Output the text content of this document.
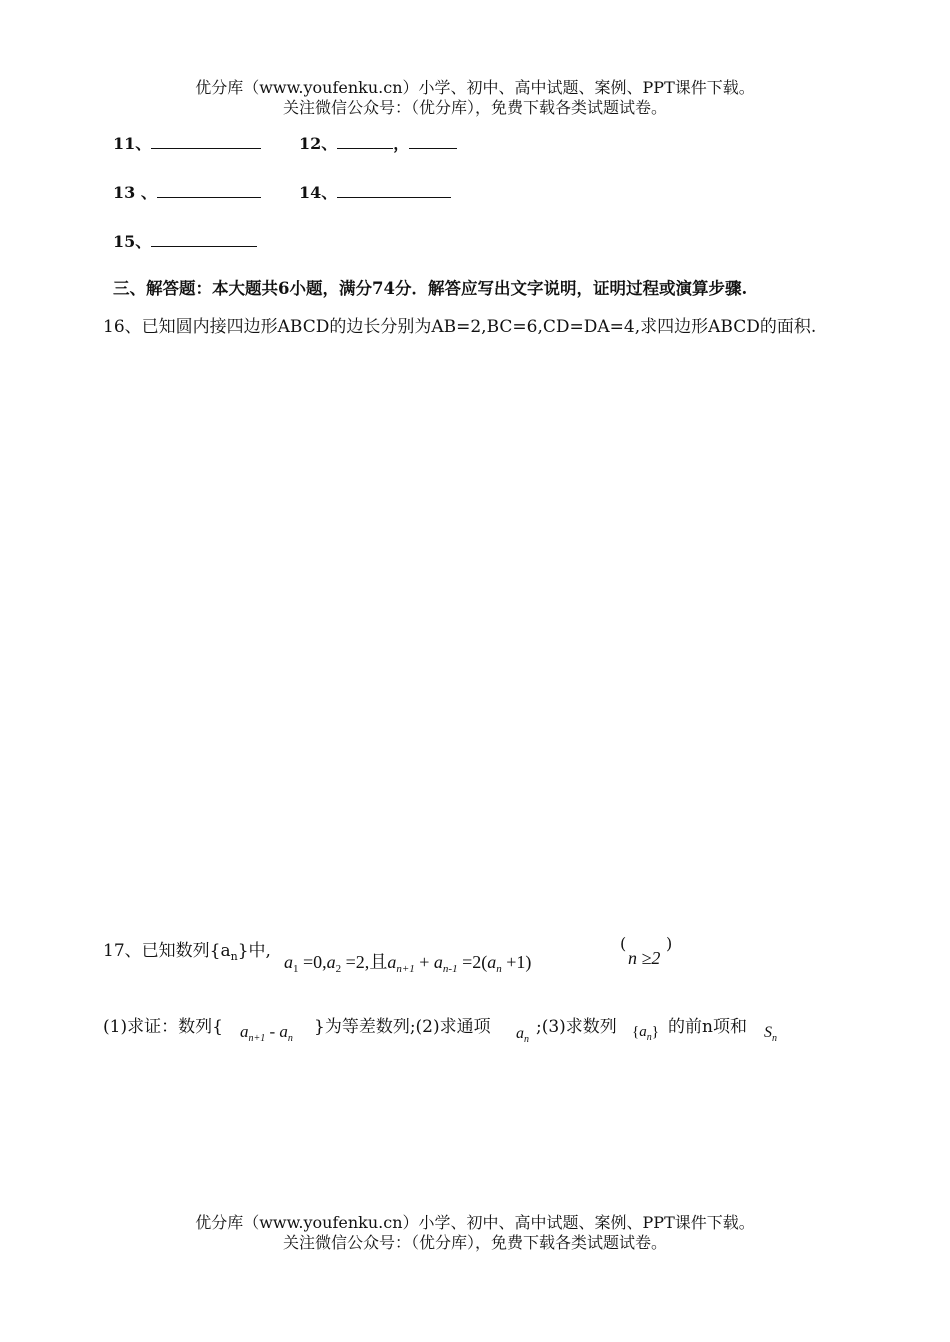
优分库（www.youfenku.cn）小学、初中、高中试题、案例、PPT课件下载。
关注微信公众号：（优分库），免费下载各类试题试卷。
11、	12、	，
13 、	14、
15、
三、解答题：本大题共6小题，满分74分．解答应写出文字说明，证明过程或演算步骤.
16、已知圆内接四边形ABCD的边长分别为AB=2,BC=6,CD=DA=4,求四边形ABCD的面积.
17、已知数列$\{a_n\}$中,
$a_1 =0,a_2 =2$,且$a_{n+1} + a_{n-1} =2(a_n +1)$
(
n ≥2
)
(1)求证：数列{ $a_{n+1} - a_n$
}为等差数列;(2)求通项 $a_n$
;(3)求数列 $\{a_n\}$ 的前n项和 $S_n$
优分库（www.youfenku.cn）小学、初中、高中试题、案例、PPT课件下载。
关注微信公众号：（优分库），免费下载各类试题试卷。
